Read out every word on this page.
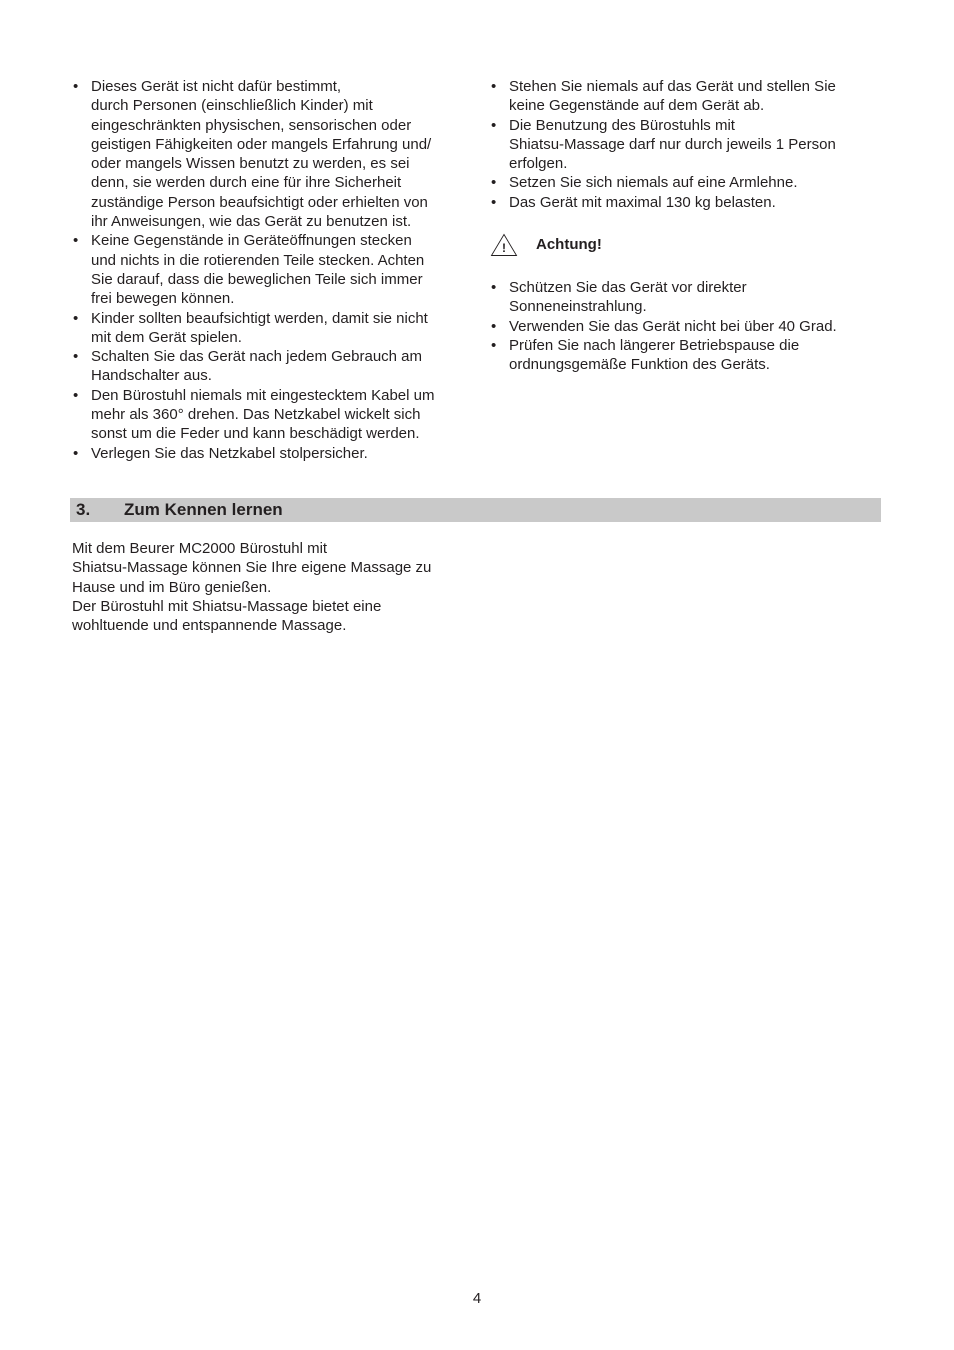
• Dieses Gerät ist nicht dafür bestimmt,
durch Personen (einschließlich Kinder) mit
eingeschränkten physischen, sensorischen oder
geistigen Fähigkeiten oder mangels Erfahrung und/
oder mangels Wissen benutzt zu werden, es sei
denn, sie werden durch eine für ihre Sicherheit
zuständige Person beaufsichtigt oder erhielten von
ihr Anweisungen, wie das Gerät zu benutzen ist.
• Keine Gegenstände in Geräteöffnungen stecken
und nichts in die rotierenden Teile stecken. Achten
Sie darauf, dass die beweglichen Teile sich immer
frei bewegen können.
• Kinder sollten beaufsichtigt werden, damit sie nicht
mit dem Gerät spielen.
• Schalten Sie das Gerät nach jedem Gebrauch am
Handschalter aus.
• Den Bürostuhl niemals mit eingestecktem Kabel um
mehr als 360° drehen. Das Netzkabel wickelt sich
sonst um die Feder und kann beschädigt werden.
• Verlegen Sie das Netzkabel stolpersicher.
• Stehen Sie niemals auf das Gerät und stellen Sie
keine Gegenstände auf dem Gerät ab.
• Die Benutzung des Bürostuhls mit
Shiatsu-Massage darf nur durch jeweils 1 Person
erfolgen.
• Setzen Sie sich niemals auf eine Armlehne.
• Das Gerät mit maximal 130 kg belasten.
! Achtung!
• Schützen Sie das Gerät vor direkter
Sonneneinstrahlung.
• Verwenden Sie das Gerät nicht bei über 40 Grad.
• Prüfen Sie nach längerer Betriebspause die
ordnungsgemäße Funktion des Geräts.
3. Zum Kennen lernen
Mit dem Beurer MC2000 Bürostuhl mit
Shiatsu-Massage können Sie Ihre eigene Massage zu
Hause und im Büro genießen.
Der Bürostuhl mit Shiatsu-Massage bietet eine
wohltuende und entspannende Massage.
4
